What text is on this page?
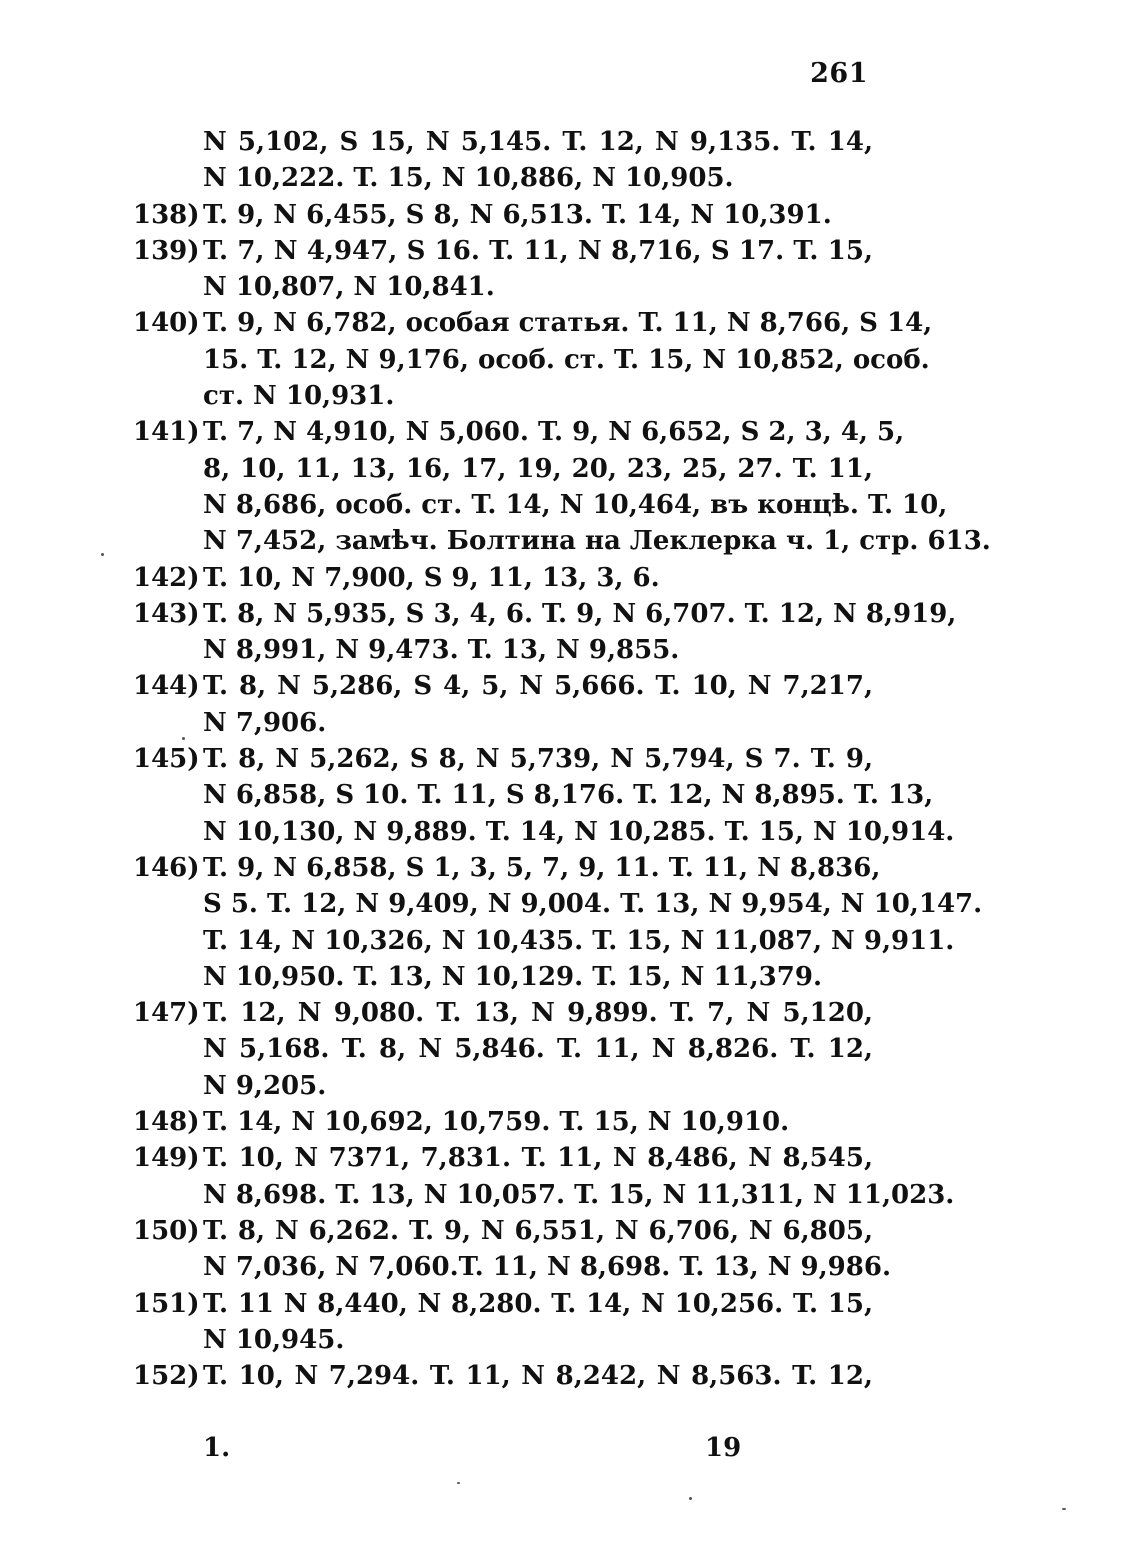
261
N 5,102, S 15, N 5,145. T. 12, N 9,135. T. 14,
N 10,222. T. 15, N 10,886, N 10,905.
138) T. 9, N 6,455, S 8, N 6,513. T. 14, N 10,391.
139) T. 7, N 4,947, S 16. T. 11, N 8,716, S 17. T. 15,
N 10,807, N 10,841.
140) T. 9, N 6,782, особая статья. T. 11, N 8,766, S 14,
15. T. 12, N 9,176, особ. ст. T. 15, N 10,852, особ.
ст. N 10,931.
141) T. 7, N 4,910, N 5,060. T. 9, N 6,652, S 2, 3, 4, 5,
8, 10, 11, 13, 16, 17, 19, 20, 23, 25, 27. T. 11,
N 8,686, особ. ст. T. 14, N 10,464, въ концѣ. T. 10,
N 7,452, замѣч. Болтина на Леклерка ч. 1, стр. 613.
142) T. 10, N 7,900, S 9, 11, 13, 3, 6.
143) T. 8, N 5,935, S 3, 4, 6. T. 9, N 6,707. T. 12, N 8,919,
N 8,991, N 9,473. T. 13, N 9,855.
144) T. 8, N 5,286, S 4, 5, N 5,666. T. 10, N 7,217,
N 7,906.
145) T. 8, N 5,262, S 8, N 5,739, N 5,794, S 7. T. 9,
N 6,858, S 10. T. 11, S 8,176. T. 12, N 8,895. T. 13,
N 10,130, N 9,889. T. 14, N 10,285. T. 15, N 10,914.
146) T. 9, N 6,858, S 1, 3, 5, 7, 9, 11. T. 11, N 8,836,
S 5. T. 12, N 9,409, N 9,004. T. 13, N 9,954, N 10,147.
T. 14, N 10,326, N 10,435. T. 15, N 11,087, N 9,911.
N 10,950. T. 13, N 10,129. T. 15, N 11,379.
147) T. 12, N 9,080. T. 13, N 9,899. T. 7, N 5,120,
N 5,168. T. 8, N 5,846. T. 11, N 8,826. T. 12,
N 9,205.
148) T. 14, N 10,692, 10,759. T. 15, N 10,910.
149) T. 10, N 7371, 7,831. T. 11, N 8,486, N 8,545,
N 8,698. T. 13, N 10,057. T. 15, N 11,311, N 11,023.
150) T. 8, N 6,262. T. 9, N 6,551, N 6,706, N 6,805,
N 7,036, N 7,060.T. 11, N 8,698. T. 13, N 9,986.
151) T. 11 N 8,440, N 8,280. T. 14, N 10,256. T. 15,
N 10,945.
152) T. 10, N 7,294. T. 11, N 8,242, N 8,563. T. 12,
1.	19
